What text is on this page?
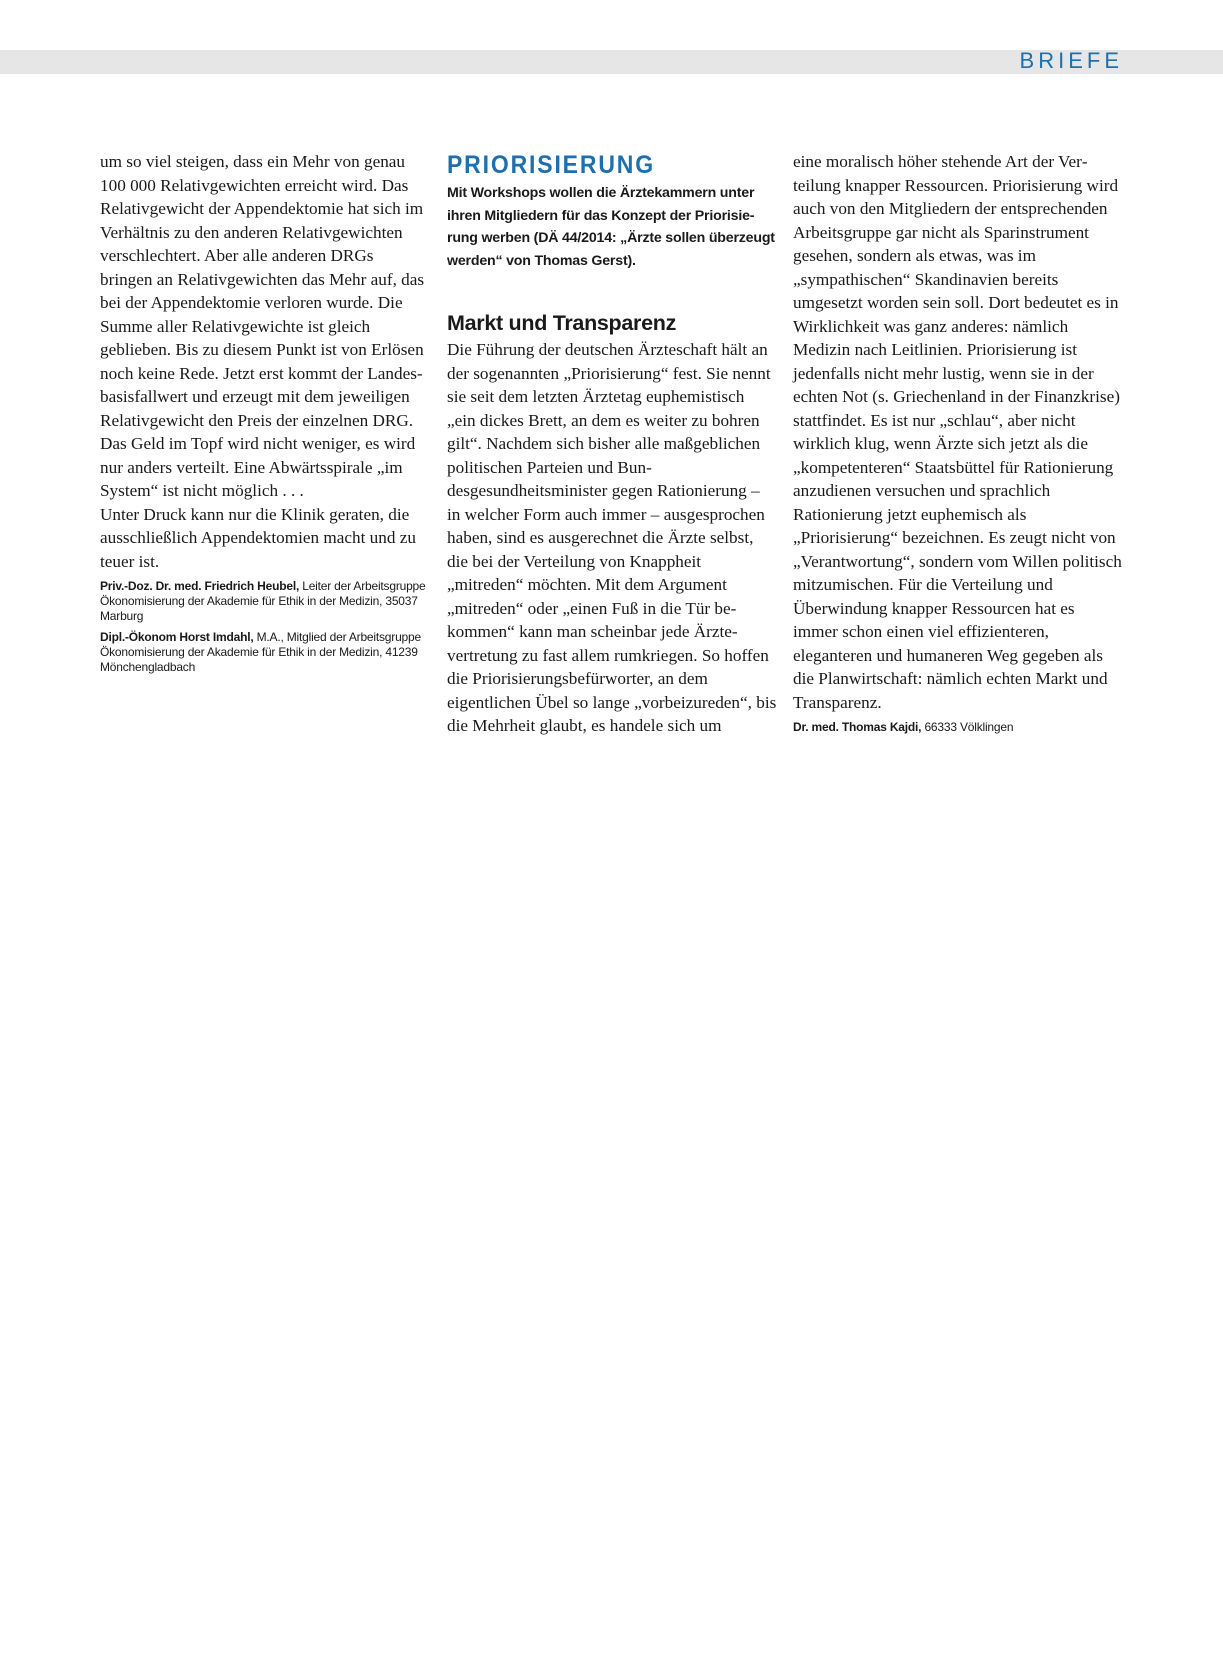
BRIEFE

um so viel steigen, dass ein Mehr von genau 100 000 Relativgewichten erreicht wird. Das Relativgewicht der Appendektomie hat sich im Verhältnis zu den anderen Relativgewichten verschlechtert. Aber alle anderen DRGs bringen an Relativgewichten das Mehr auf, das bei der Appendektomie verloren wurde. Die Summe aller Relativgewichte ist gleich geblieben. Bis zu diesem Punkt ist von Erlösen noch keine Rede. Jetzt erst kommt der Landesbasisfallwert und erzeugt mit dem jeweiligen Relativgewicht den Preis der einzelnen DRG. Das Geld im Topf wird nicht weniger, es wird nur anders verteilt. Eine Abwärtsspirale „im System“ ist nicht möglich . . .

Unter Druck kann nur die Klinik geraten, die ausschließlich Appendektomien macht und zu teuer ist.

Priv.-Doz. Dr. med. Friedrich Heubel, Leiter der Arbeitsgruppe Ökonomisierung der Akademie für Ethik in der Medizin, 35037 Marburg

Dipl.-Ökonom Horst Imdahl, M.A., Mitglied der Arbeitsgruppe Ökonomisierung der Akademie für Ethik in der Medizin, 41239 Mönchengladbach

PRIORISIERUNG

Mit Workshops wollen die Ärztekammern unter ihren Mitgliedern für das Konzept der Priorisierung werben (DÄ 44/2014: „Ärzte sollen überzeugt werden“ von Thomas Gerst).

Markt und Transparenz

Die Führung der deutschen Ärzteschaft hält an der sogenannten „Priorisierung“ fest. Sie nennt sie seit dem letzten Ärztetag euphemistisch „ein dickes Brett, an dem es weiter zu bohren gilt“. Nachdem sich bisher alle maßgeblichen politischen Parteien und Bundesgesundheitsminister gegen Rationierung – in welcher Form auch immer – ausgesprochen haben, sind es ausgerechnet die Ärzte selbst, die bei der Verteilung von Knappheit „mitreden“ möchten. Mit dem Argument „mitreden“ oder „einen Fuß in die Tür bekommen“ kann man scheinbar jede Ärztevertretung zu fast allem rumkriegen. So hoffen die Priorisierungsbefürworter, an dem eigentlichen Übel so lange „vorbeizureden“, bis die Mehrheit glaubt, es handele sich um

eine moralisch höher stehende Art der Verteilung knapper Ressourcen. Priorisierung wird auch von den Mitgliedern der entsprechenden Arbeitsgruppe gar nicht als Sparinstrument gesehen, sondern als etwas, was im „sympathischen“ Skandinavien bereits umgesetzt worden sein soll. Dort bedeutet es in Wirklichkeit was ganz anderes: nämlich Medizin nach Leitlinien. Priorisierung ist jedenfalls nicht mehr lustig, wenn sie in der echten Not (s. Griechenland in der Finanzkrise) stattfindet. Es ist nur „schlau“, aber nicht wirklich klug, wenn Ärzte sich jetzt als die „kompetenteren“ Staatsbüttel für Rationierung anzudienen versuchen und sprachlich Rationierung jetzt euphemisch als „Priorisierung“ bezeichnen. Es zeugt nicht von „Verantwortung“, sondern vom Willen politisch mitzumischen. Für die Verteilung und Überwindung knapper Ressourcen hat es immer schon einen viel effizienteren, eleganteren und humaneren Weg gegeben als die Planwirtschaft: nämlich echten Markt und Transparenz.

Dr. med. Thomas Kajdi, 66333 Völklingen
